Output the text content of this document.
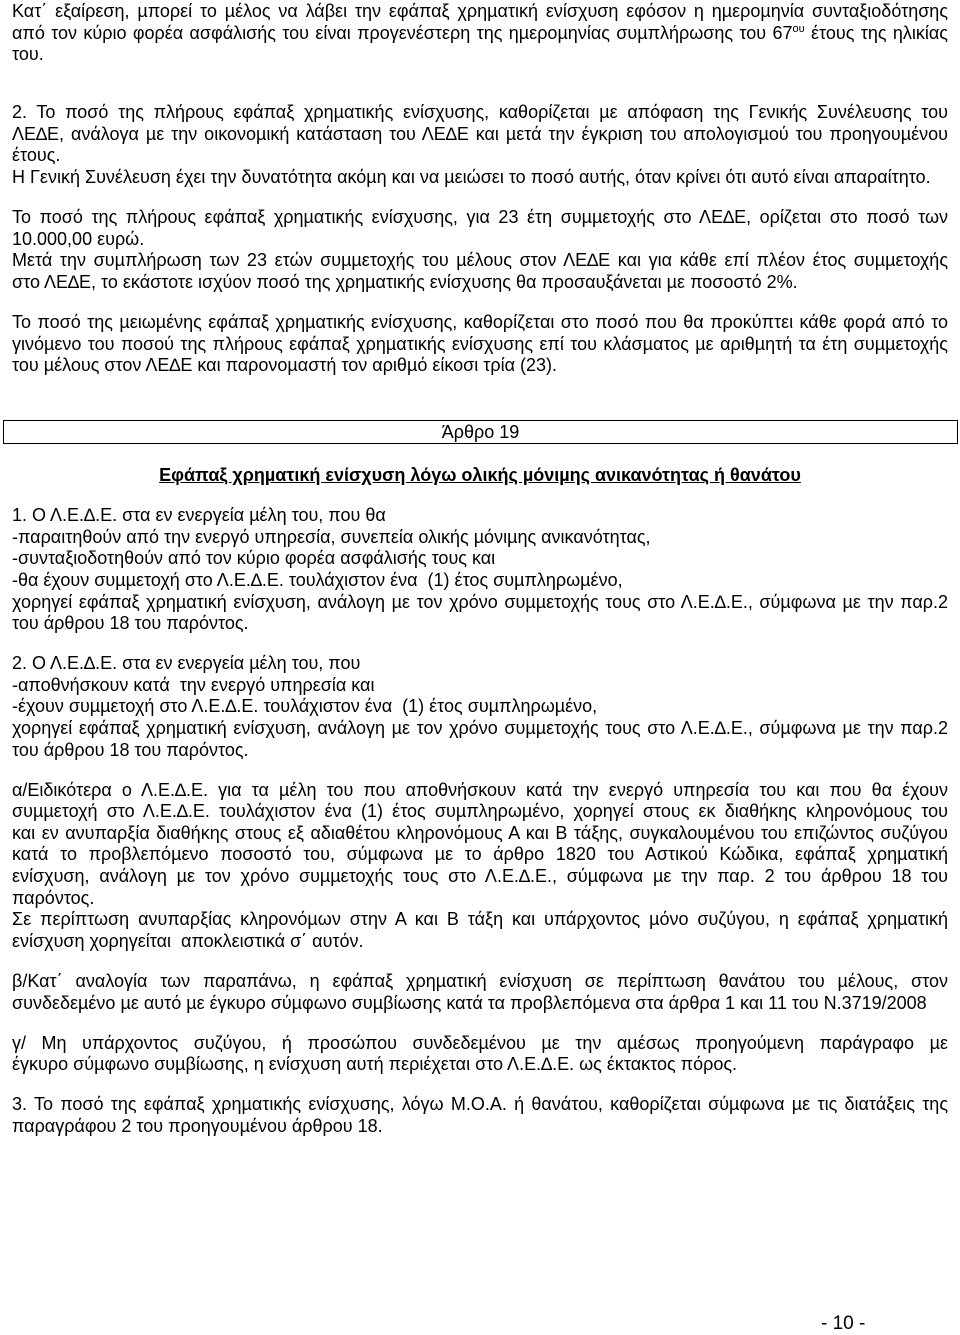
Κατ΄ εξαίρεση, µπορεί το µέλος να λάβει την εφάπαξ χρηµατική ενίσχυση εφόσον η ηµεροµηνία συνταξιοδότησης
από τον κύριο φορέα ασφάλισής του είναι προγενέστερη της ηµεροµηνίας συµπλήρωσης του $67^{o\upsilon}$ έτους της ηλικίας
του.
2. Το ποσό της πλήρους εφάπαξ χρηµατικής ενίσχυσης, καθορίζεται µε απόφαση της Γενικής Συνέλευσης του
ΛΕ∆Ε, ανάλογα µε την οικονοµική κατάσταση του ΛΕ∆Ε και µετά την έγκριση του απολογισµού του προηγουµένου
έτους.
Η Γενική Συνέλευση έχει την δυνατότητα ακόµη και να µειώσει το ποσό αυτής, όταν κρίνει ότι αυτό είναι απαραίτητο.
Το ποσό της πλήρους εφάπαξ χρηµατικής ενίσχυσης, για 23 έτη συµµετοχής στο ΛΕ∆Ε, ορίζεται στο ποσό των
10.000,00 ευρώ.
Μετά την συµπλήρωση των 23 ετών συµµετοχής του µέλους στον ΛΕ∆Ε και για κάθε επί πλέον έτος συµµετοχής
στο ΛΕ∆Ε, το εκάστοτε ισχύον ποσό της χρηµατικής ενίσχυσης θα προσαυξάνεται µε ποσοστό 2%.
Το ποσό της µειωµένης εφάπαξ χρηµατικής ενίσχυσης, καθορίζεται στο ποσό που θα προκύπτει κάθε φορά από το
γινόµενο του ποσού της πλήρους εφάπαξ χρηµατικής ενίσχυσης επί του κλάσµατος µε αριθµητή τα έτη συµµετοχής
του µέλους στον ΛΕ∆Ε και παρονοµαστή τον αριθµό είκοσι τρία (23).
Άρθρο 19
Εφάπαξ χρηµατική ενίσχυση λόγω ολικής µόνιµης ανικανότητας ή θανάτου
1. Ο Λ.Ε.∆.Ε. στα εν ενεργεία µέλη του, που θα
-παραιτηθούν από την ενεργό υπηρεσία, συνεπεία ολικής µόνιµης ανικανότητας,
-συνταξιοδοτηθούν από τον κύριο φορέα ασφάλισής τους και
-θα έχουν συµµετοχή στο Λ.Ε.∆.Ε. τουλάχιστον ένα  (1) έτος συµπληρωµένο,
χορηγεί εφάπαξ χρηµατική ενίσχυση, ανάλογη µε τον χρόνο συµµετοχής τους στο Λ.Ε.∆.Ε., σύµφωνα µε την παρ.2
του άρθρου 18 του παρόντος.
2. Ο Λ.Ε.∆.Ε. στα εν ενεργεία µέλη του, που
-αποθνήσκουν κατά  την ενεργό υπηρεσία και
-έχουν συµµετοχή στο Λ.Ε.∆.Ε. τουλάχιστον ένα  (1) έτος συµπληρωµένο,
χορηγεί εφάπαξ χρηµατική ενίσχυση, ανάλογη µε τον χρόνο συµµετοχής τους στο Λ.Ε.∆.Ε., σύµφωνα µε την παρ.2
του άρθρου 18 του παρόντος.
α/Ειδικότερα ο Λ.Ε.∆.Ε. για τα µέλη του που αποθνήσκουν κατά την ενεργό υπηρεσία του και που θα έχουν
συµµετοχή στο Λ.Ε.∆.Ε. τουλάχιστον ένα (1) έτος συµπληρωµένο, χορηγεί στους εκ διαθήκης κληρονόµους του
και εν ανυπαρξία διαθήκης στους εξ αδιαθέτου κληρονόµους Α και Β τάξης, συγκαλουµένου του επιζώντος συζύγου
κατά το προβλεπόµενο ποσοστό του, σύµφωνα µε το άρθρο 1820 του Αστικού Κώδικα, εφάπαξ χρηµατική
ενίσχυση, ανάλογη µε τον χρόνο συµµετοχής τους στο Λ.Ε.∆.Ε., σύµφωνα µε την παρ. 2 του άρθρου 18 του
παρόντος.
Σε περίπτωση ανυπαρξίας κληρονόµων στην Α και Β τάξη και υπάρχοντος µόνο συζύγου, η εφάπαξ χρηµατική
ενίσχυση χορηγείται  αποκλειστικά σ΄ αυτόν.
β/Κατ΄ αναλογία των παραπάνω, η εφάπαξ χρηµατική ενίσχυση σε περίπτωση θανάτου του µέλους, στον
συνδεδεµένο µε αυτό µε έγκυρο σύµφωνο συµβίωσης κατά τα προβλεπόµενα στα άρθρα 1 και 11 του Ν.3719/2008
γ/ Μη υπάρχοντος συζύγου, ή προσώπου συνδεδεµένου µε την αµέσως προηγούµενη παράγραφο µε
έγκυρο σύµφωνο συµβίωσης, η ενίσχυση αυτή περιέχεται στο Λ.Ε.∆.Ε. ως έκτακτος πόρος.
3. Το ποσό της εφάπαξ χρηµατικής ενίσχυσης, λόγω Μ.Ο.Α. ή θανάτου, καθορίζεται σύµφωνα µε τις διατάξεις της
παραγράφου 2 του προηγουµένου άρθρου 18.
- 10 -
